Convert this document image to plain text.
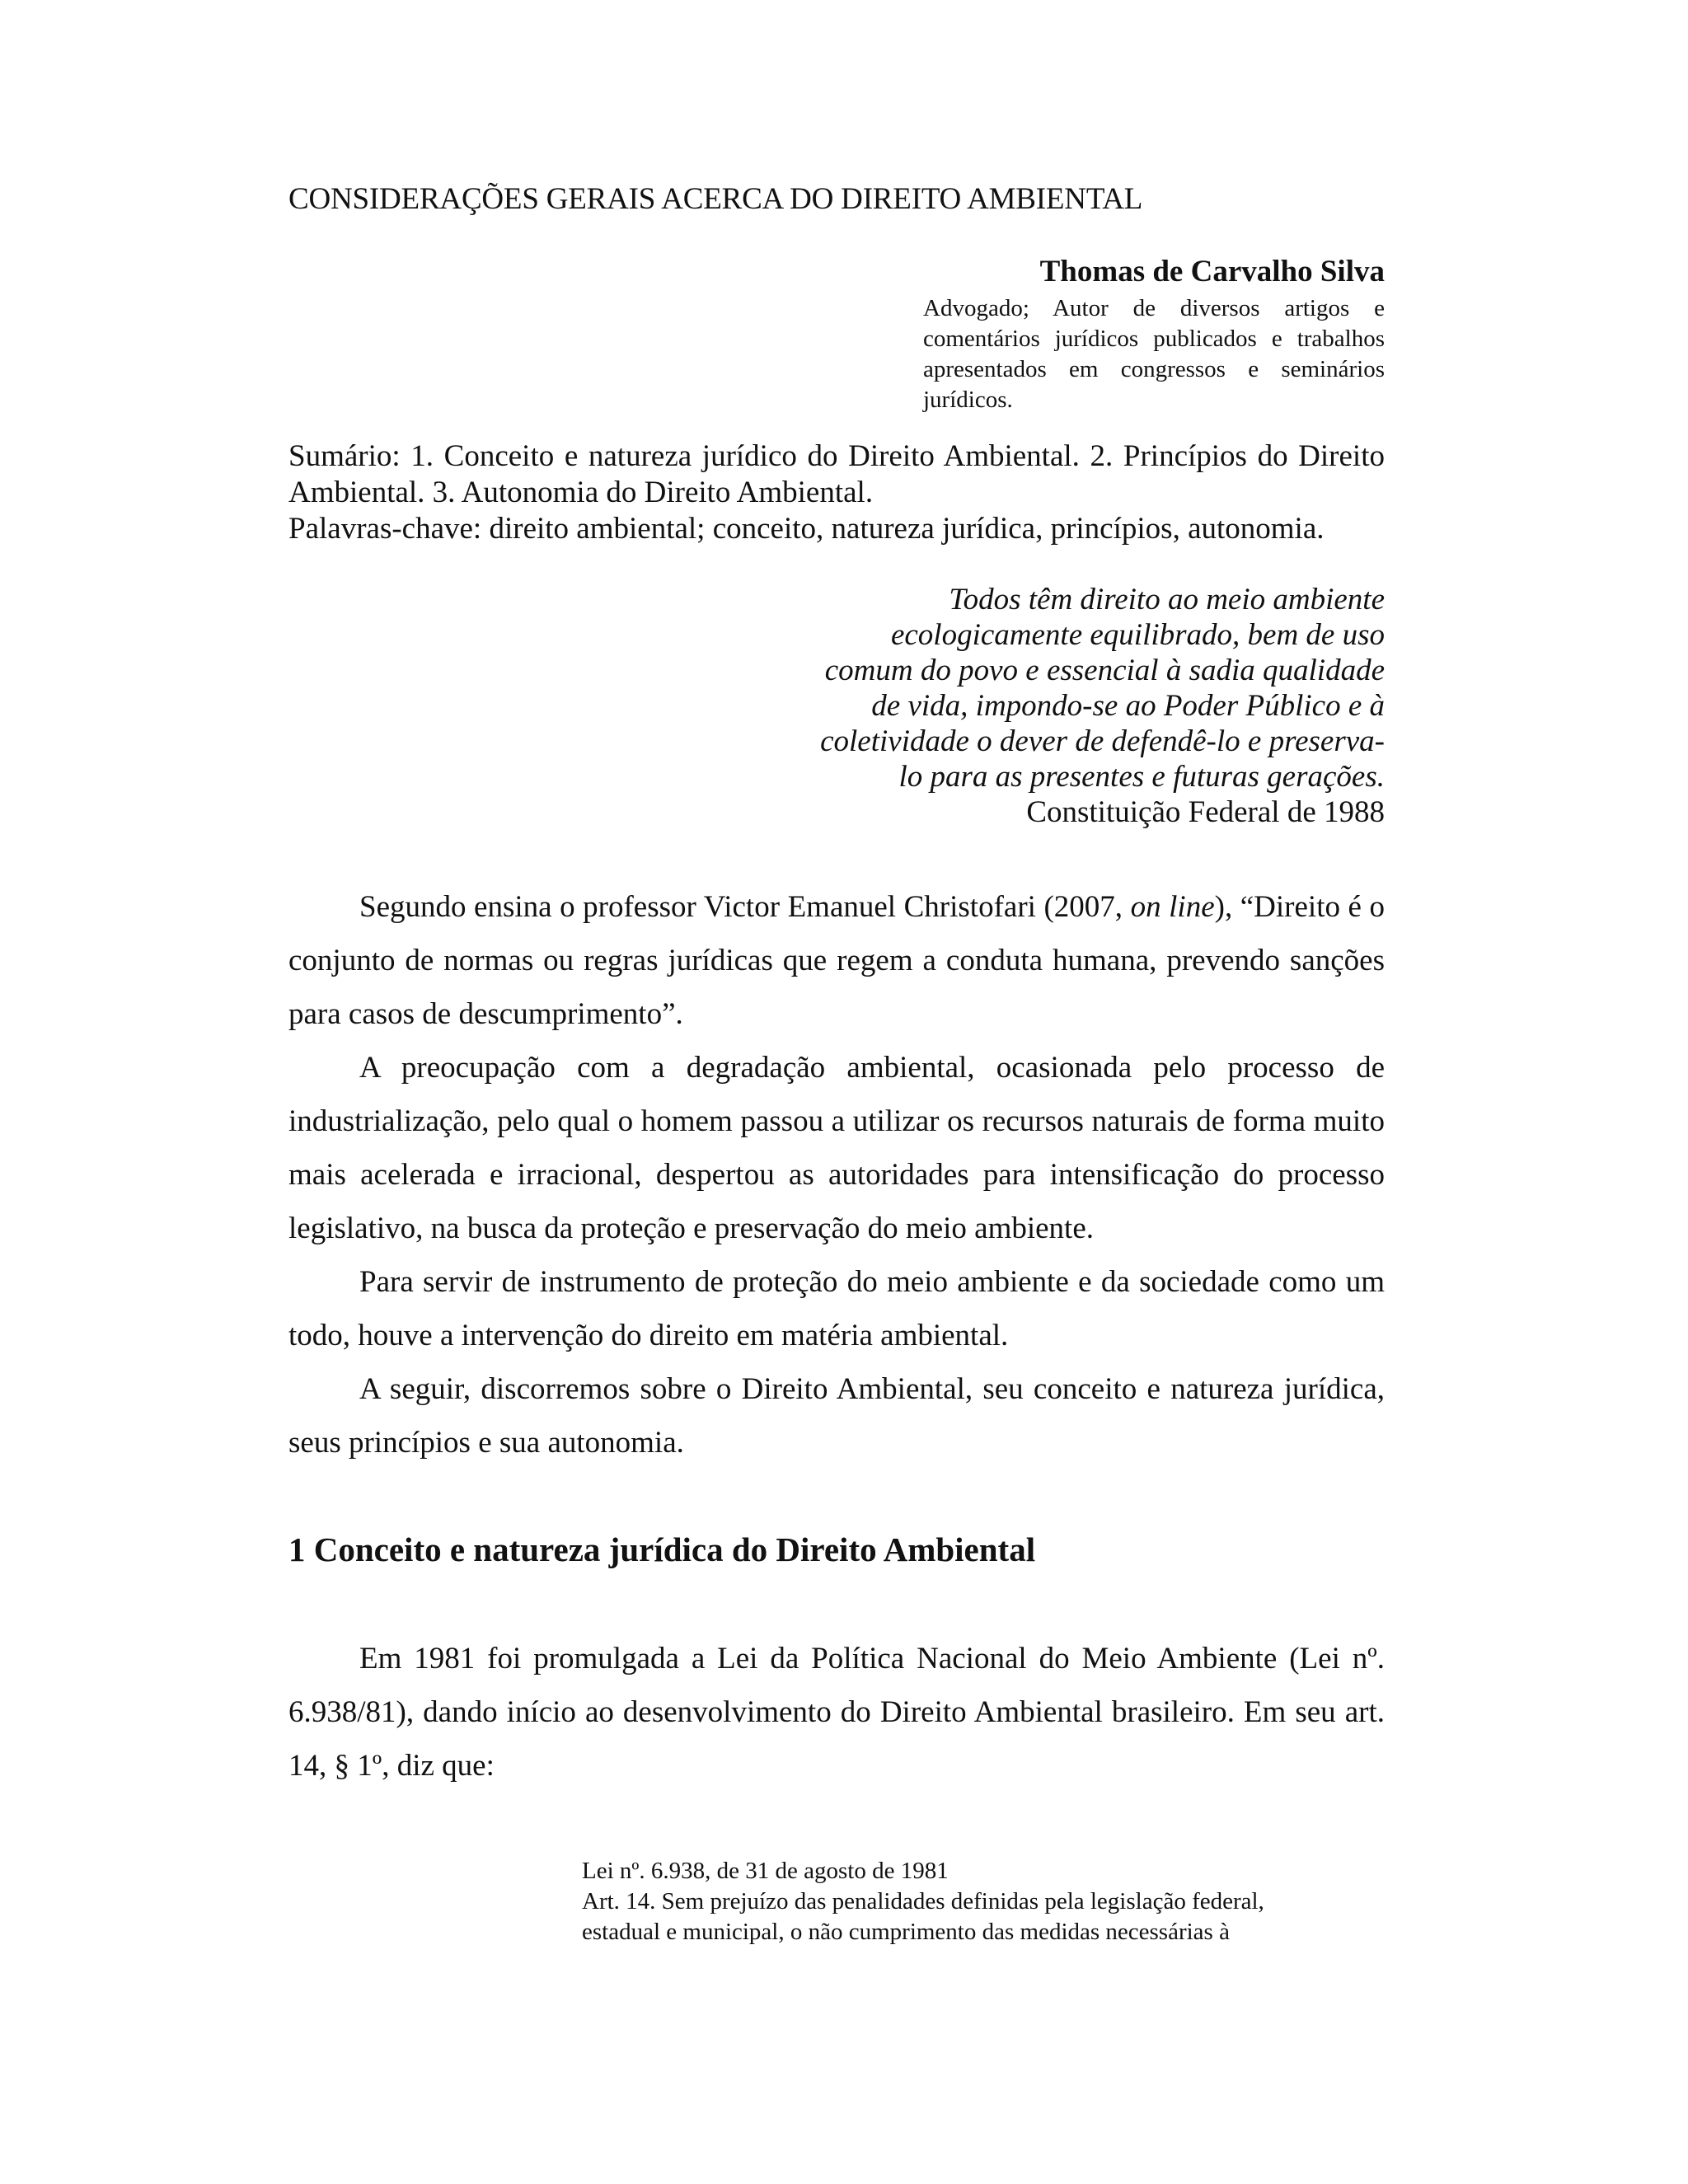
CONSIDERAÇÕES GERAIS ACERCA DO DIREITO AMBIENTAL
Thomas de Carvalho Silva
Advogado; Autor de diversos artigos e comentários jurídicos publicados e trabalhos apresentados em congressos e seminários jurídicos.

Sumário: 1. Conceito e natureza jurídico do Direito Ambiental. 2. Princípios do Direito Ambiental. 3. Autonomia do Direito Ambiental.

Palavras-chave: direito ambiental; conceito, natureza jurídica, princípios, autonomia.

Todos têm direito ao meio ambiente

ecologicamente equilibrado, bem de uso

comum do povo e essencial à sadia qualidade

de vida, impondo-se ao Poder Público e à

coletividade o dever de defendê-lo e preserva-

lo para as presentes e futuras gerações.

Constituição Federal de 1988

Segundo ensina o professor Victor Emanuel Christofari (2007, on line), “Direito é o conjunto de normas ou regras jurídicas que regem a conduta humana, prevendo sanções para casos de descumprimento”.

A preocupação com a degradação ambiental, ocasionada pelo processo de industrialização, pelo qual o homem passou a utilizar os recursos naturais de forma muito mais acelerada e irracional, despertou as autoridades para intensificação do processo legislativo, na busca da proteção e preservação do meio ambiente.

Para servir de instrumento de proteção do meio ambiente e da sociedade como um todo, houve a intervenção do direito em matéria ambiental.

A seguir, discorremos sobre o Direito Ambiental, seu conceito e natureza jurídica, seus princípios e sua autonomia.

1 Conceito e natureza jurídica do Direito Ambiental

Em 1981 foi promulgada a Lei da Política Nacional do Meio Ambiente (Lei nº. 6.938/81), dando início ao desenvolvimento do Direito Ambiental brasileiro. Em seu art. 14, § 1º, diz que:

Lei nº. 6.938, de 31 de agosto de 1981

Art. 14. Sem prejuízo das penalidades definidas pela legislação federal, estadual e municipal, o não cumprimento das medidas necessárias à
